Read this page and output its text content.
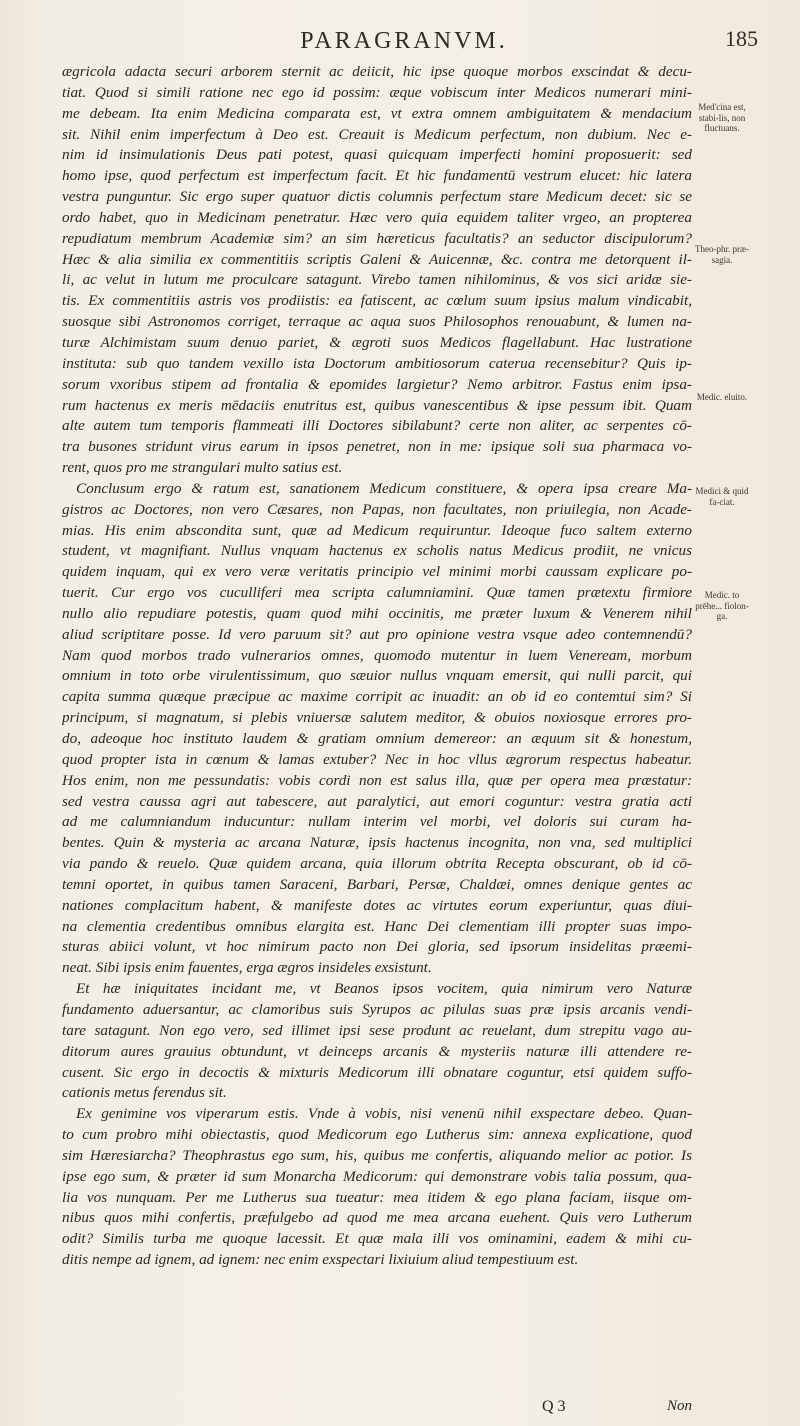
PARAGRANVM.	185
ægricola adacta securi arborem sternit ac deiicit, hic ipse quoque morbos exscindat & decu-
tiat. Quod si simili ratione nec ego id possim: æque vobiscum inter Medicos numerari mini-
me debeam. Ita enim Medicina comparata est, vt extra omnem ambiguitatem & mendacium
sit. Nihil enim imperfectum à Deo est. Creauit is Medicum perfectum, non dubium. Nec e-
nim id insimulationis Deus pati potest, quasi quicquam imperfecti homini proposuerit: sed
homo ipse, quod perfectum est imperfectum facit. Et hic fundamentū vestrum elucet: hic latera
vestra punguntur. Sic ergo super quatuor dictis columnis perfectum stare Medicum decet: sic se
ordo habet, quo in Medicinam penetratur. Hæc vero quia equidem taliter vrgeo, an propterea
repudiatum membrum Academiæ sim? an sim hæreticus facultatis? an seductor discipulorum?
Hæc & alia similia ex commentitiis scriptis Galeni & Auicennæ, &c. contra me detorquent il-
li, ac velut in lutum me proculcare satagunt. Virebo tamen nihilominus, & vos sici aridæ sie-
tis. Ex commentitiis astris vos prodiistis: ea fatiscent, ac cœlum suum ipsius malum vindicabit,
suosque sibi Astronomos corriget, terraque ac aqua suos Philosophos renouabunt, & lumen na-
turæ Alchimistam suum denuo pariet, & ægroti suos Medicos flagellabunt. Hac lustratione
instituta: sub quo tandem vexillo ista Doctorum ambitiosorum caterua recensebitur? Quis ip-
sorum vxoribus stipem ad frontalia & epomides largietur? Nemo arbitror. Fastus enim ipsa-
rum hactenus ex meris mēdaciis enutritus est, quibus vanescentibus & ipse pessum ibit. Quam
alte autem tum temporis flammeati illi Doctores sibilabunt? certe non aliter, ac serpentes cō-
tra busones stridunt virus earum in ipsos penetret, non in me: ipsique soli sua pharmaca vo-
rent, quos pro me strangulari multo satius est.
Conclusum ergo & ratum est, sanationem Medicum constituere, & opera ipsa creare Ma-
gistros ac Doctores, non vero Cæsares, non Papas, non facultates, non priuilegia, non Acade-
mias. His enim abscondita sunt, quæ ad Medicum requiruntur. Ideoque fuco saltem externo
student, vt magnifiant. Nullus vnquam hactenus ex scholis natus Medicus prodiit, ne vnicus
quidem inquam, qui ex vero veræ veritatis principio vel minimi morbi caussam explicare po-
tuerit. Cur ergo vos cuculliferi mea scripta calumniamini. Quæ tamen prætextu firmiore
nullo alio repudiare potestis, quam quod mihi occinitis, me præter luxum & Venerem nihil
aliud scriptitare posse. Id vero paruum sit? aut pro opinione vestra vsque adeo contemnendū?
Nam quod morbos trado vulnerarios omnes, quomodo mutentur in luem Veneream, morbum
omnium in toto orbe virulentissimum, quo sæuior nullus vnquam emersit, qui nulli parcit, qui
capita summa quæque præcipue ac maxime corripit ac inuadit: an ob id eo contemtui sim? Si
principum, si magnatum, si plebis vniuersæ salutem meditor, & obuios noxiosque errores pro-
do, adeoque hoc instituto laudem & gratiam omnium demereor: an æquum sit & honestum,
quod propter ista in cœnum & lamas extuber? Nec in hoc vllus ægrorum respectus habeatur.
Hos enim, non me pessundatis: vobis cordi non est salus illa, quæ per opera mea præstatur:
sed vestra caussa agri aut tabescere, aut paralytici, aut emori coguntur: vestra gratia acti
ad me calumniandum inducuntur: nullam interim vel morbi, vel doloris sui curam ha-
bentes. Quin & mysteria ac arcana Naturæ, ipsis hactenus incognita, non vna, sed multiplici
via pando & reuelo. Quæ quidem arcana, quia illorum obtrita Recepta obscurant, ob id cō-
temni oportet, in quibus tamen Saraceni, Barbari, Persæ, Chaldæi, omnes denique gentes ac
nationes complacitum habent, & manifeste dotes ac virtutes eorum experiuntur, quas diui-
na clementia credentibus omnibus elargita est. Hanc Dei clementiam illi propter suas impo-
sturas abiici volunt, vt hoc nimirum pacto non Dei gloria, sed ipsorum insidelitas præemi-
neat. Sibi ipsis enim fauentes, erga ægros insideles exsistunt.
Et hæ iniquitates incidant me, vt Beanos ipsos vocitem, quia nimirum vero Naturæ
fundamento aduersantur, ac clamoribus suis Syrupos ac pilulas suas præ ipsis arcanis vendi-
tare satagunt. Non ego vero, sed illimet ipsi sese produnt ac reuelant, dum strepitu vago au-
ditorum aures grauius obtundunt, vt deinceps arcanis & mysteriis naturæ illi attendere re-
cusent. Sic ergo in decoctis & mixturis Medicorum illi obnatare coguntur, etsi quidem suffo-
cationis metus ferendus sit.
Ex genimine vos viperarum estis. Vnde à vobis, nisi venenū nihil exspectare debeo. Quan-
to cum probro mihi obiectastis, quod Medicorum ego Lutherus sim: annexa explicatione, quod
sim Hæresiarcha? Theophrastus ego sum, his, quibus me confertis, aliquando melior ac potior. Is
ipse ego sum, & præter id sum Monarcha Medicorum: qui demonstrare vobis talia possum, qua-
lia vos nunquam. Per me Lutherus sua tueatur: mea itidem & ego plana faciam, iisque om-
nibus quos mihi confertis, præfulgebo ad quod me mea arcana euehent. Quis vero Lutherum
odit? Similis turba me quoque lacessit. Et quæ mala illi vos ominamini, eadem & mihi cu-
ditis nempe ad ignem, ad ignem: nec enim exspectari lixiuium aliud tempestiuum est.
Med'cina est, stabi-lis, non fluctuans.
Theo-phr. præ-sagia.
Medic. eluito.
Medici & quid fa-ciat.
Medic. to prēhe... fiolon-ga.
Q 3	Non
